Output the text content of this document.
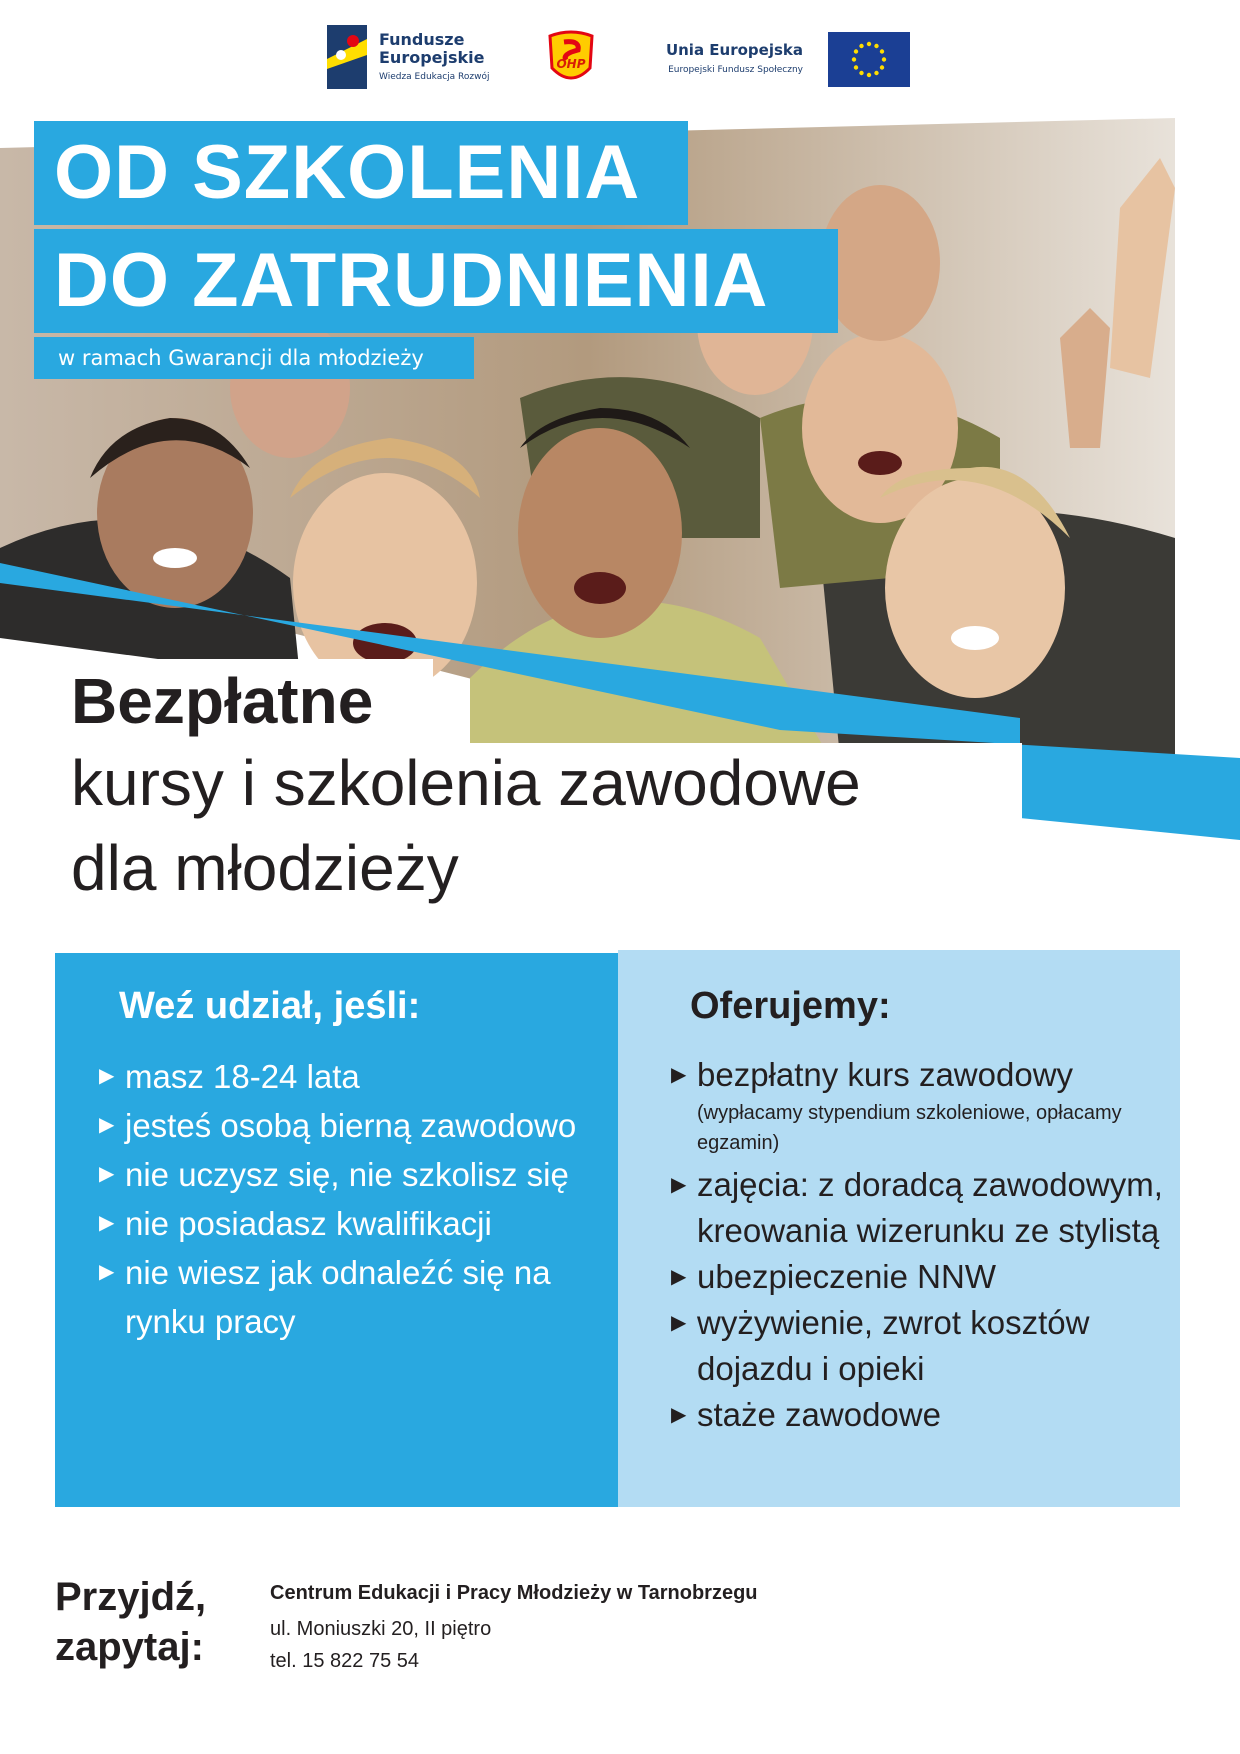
Fundusze
Europejskie
Wiedza Edukacja Rozwój
OHP
Unia Europejska
Europejski Fundusz Społeczny
OD SZKOLENIA
DO ZATRUDNIENIA
w ramach Gwarancji dla młodzieży
Bezpłatne
kursy i szkolenia zawodowe
dla młodzieży
Weź udział, jeśli:
▶ masz 18-24 lata
▶ jesteś osobą bierną zawodowo
▶ nie uczysz się, nie szkolisz się
▶ nie posiadasz kwalifikacji
▶ nie wiesz jak odnaleźć się na rynku pracy
Oferujemy:
▶ bezpłatny kurs zawodowy
(wypłacamy stypendium szkoleniowe, opłacamy egzamin)
▶ zajęcia: z doradcą zawodowym, kreowania wizerunku ze stylistą
▶ ubezpieczenie NNW
▶ wyżywienie, zwrot kosztów dojazdu i opieki
▶ staże zawodowe
Przyjdź,
zapytaj:
Centrum Edukacji i Pracy Młodzieży w Tarnobrzegu
ul. Moniuszki 20, II piętro
tel. 15 822 75 54
